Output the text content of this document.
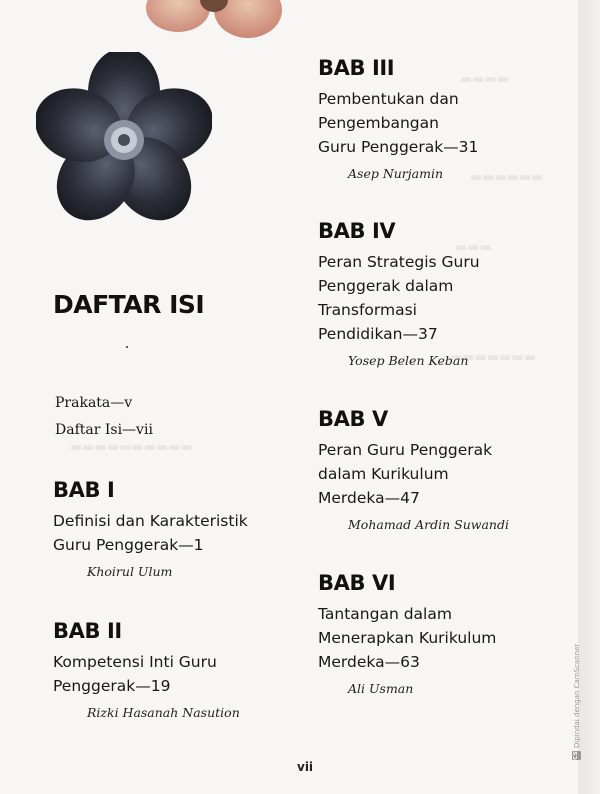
▬▬▬▬
▬▬▬▬▬▬
▬▬▬
▬▬▬▬▬▬▬
▬▬▬▬▬▬▬▬▬▬
DAFTAR ISI
Prakata—v
Daftar Isi—vii
BAB I
Definisi dan Karakteristik
Guru Penggerak—1
Khoirul Ulum
BAB II
Kompetensi Inti Guru
Penggerak—19
Rizki Hasanah Nasution
BAB III
Pembentukan dan
Pengembangan
Guru Penggerak—31
Asep Nurjamin
BAB IV
Peran Strategis Guru
Penggerak dalam
Transformasi
Pendidikan—37
Yosep Belen Keban
BAB V
Peran Guru Penggerak
dalam Kurikulum
Merdeka—47
Mohamad Ardin Suwandi
BAB VI
Tantangan dalam
Menerapkan Kurikulum
Merdeka—63
Ali Usman
vii
CS
Dipindai dengan CamScanner
